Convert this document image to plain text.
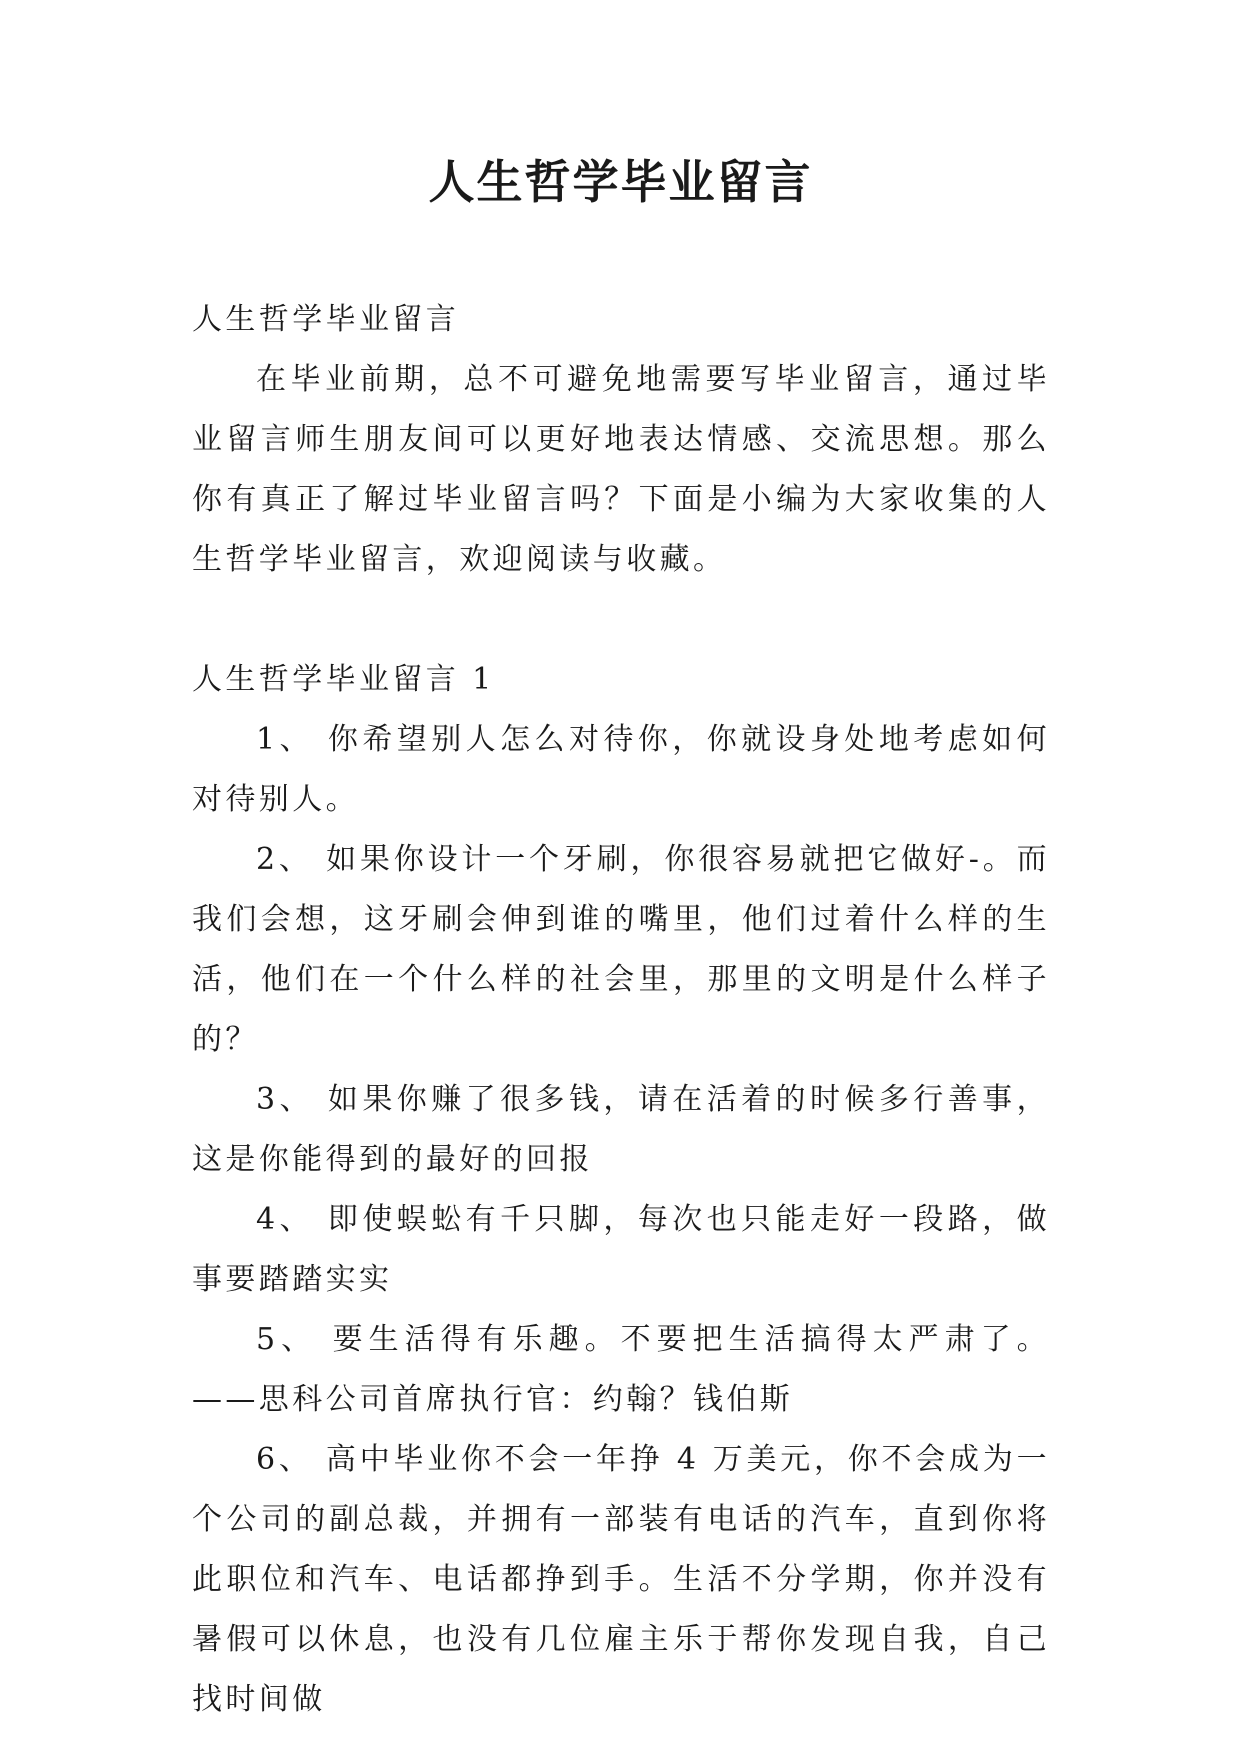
人生哲学毕业留言

人生哲学毕业留言

在毕业前期，总不可避免地需要写毕业留言，通过毕业留言师生朋友间可以更好地表达情感、交流思想。那么你有真正了解过毕业留言吗？下面是小编为大家收集的人生哲学毕业留言，欢迎阅读与收藏。

人生哲学毕业留言 1

1、 你希望别人怎么对待你，你就设身处地考虑如何对待别人。

2、 如果你设计一个牙刷，你很容易就把它做好-。而我们会想，这牙刷会伸到谁的嘴里，他们过着什么样的生活，他们在一个什么样的社会里，那里的文明是什么样子的？

3、 如果你赚了很多钱，请在活着的时候多行善事，这是你能得到的最好的回报

4、 即使蜈蚣有千只脚，每次也只能走好一段路，做事要踏踏实实

5、 要生活得有乐趣。不要把生活搞得太严肃了。——思科公司首席执行官：约翰？钱伯斯

6、 高中毕业你不会一年挣 4 万美元，你不会成为一个公司的副总裁，并拥有一部装有电话的汽车，直到你将此职位和汽车、电话都挣到手。生活不分学期，你并没有暑假可以休息，也没有几位雇主乐于帮你发现自我，自己找时间做
